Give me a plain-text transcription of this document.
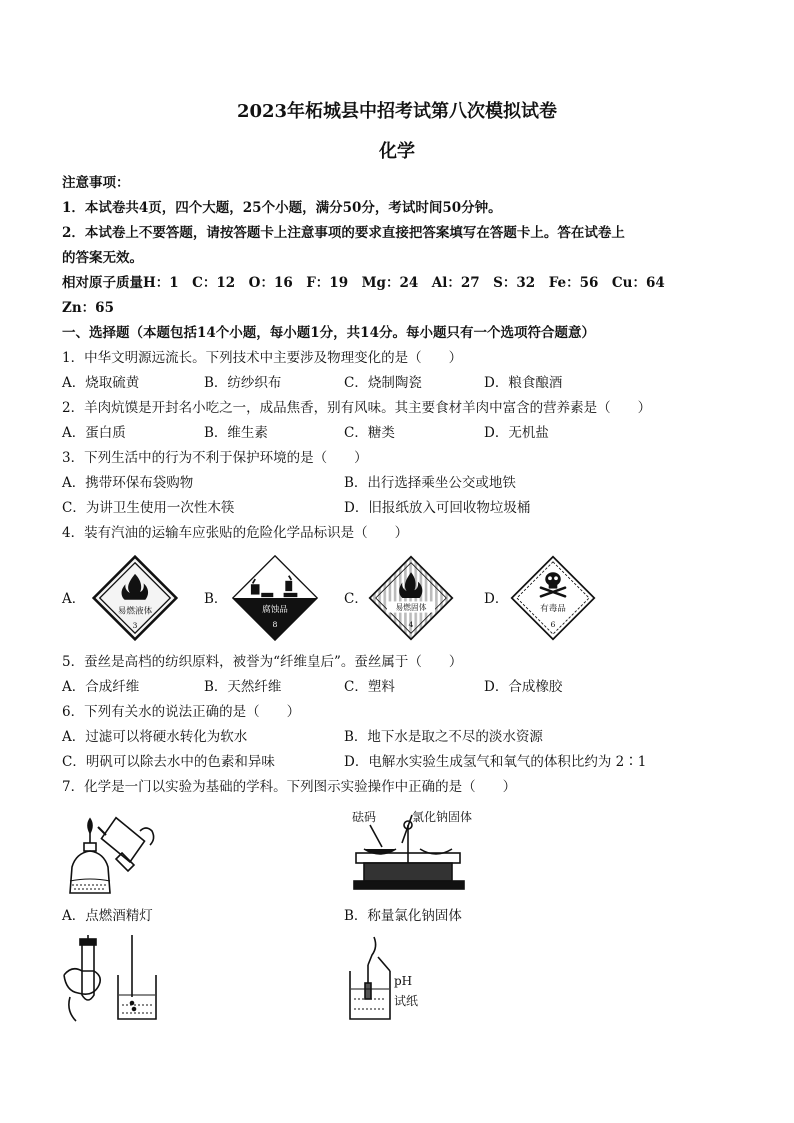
2023年柘城县中招考试第八次模拟试卷
化学
注意事项：
1．本试卷共4页，四个大题，25个小题，满分50分，考试时间50分钟。
2．本试卷上不要答题，请按答题卡上注意事项的要求直接把答案填写在答题卡上。答在试卷上
的答案无效。
相对原子质量H：1　C：12　O：16　F：19　Mg：24　Al：27　S：32　Fe：56　Cu：64
Zn：65
一、选择题（本题包括14个小题，每小题1分，共14分。每小题只有一个选项符合题意）
1．中华文明源远流长。下列技术中主要涉及物理变化的是（　　）
A．烧取硫黄	B．纺纱织布	C．烧制陶瓷	D．粮食酿酒
2．羊肉炕馍是开封名小吃之一，成品焦香，别有风味。其主要食材羊肉中富含的营养素是（　　）
A．蛋白质	B．维生素	C．糖类	D．无机盐
3．下列生活中的行为不利于保护环境的是（　　）
A．携带环保布袋购物	B．出行选择乘坐公交或地铁
C．为讲卫生使用一次性木筷	D．旧报纸放入可回收物垃圾桶
4．装有汽油的运输车应张贴的危险化学品标识是（　　）
A．	B．	C．	D．
易燃液体
3
腐蚀品
8
易燃固体
4
有毒品
6
5．蚕丝是高档的纺织原料，被誉为“纤维皇后”。蚕丝属于（　　）
A．合成纤维	B．天然纤维	C．塑料	D．合成橡胶
6．下列有关水的说法正确的是（　　）
A．过滤可以将硬水转化为软水	B．地下水是取之不尽的淡水资源
C．明矾可以除去水中的色素和异味	D．电解水实验生成氢气和氧气的体积比约为 2∶1
7．化学是一门以实验为基础的学科。下列图示实验操作中正确的是（　　）
砝码	氯化钠固体
A．点燃酒精灯	B．称量氯化钠固体
pH
试纸
